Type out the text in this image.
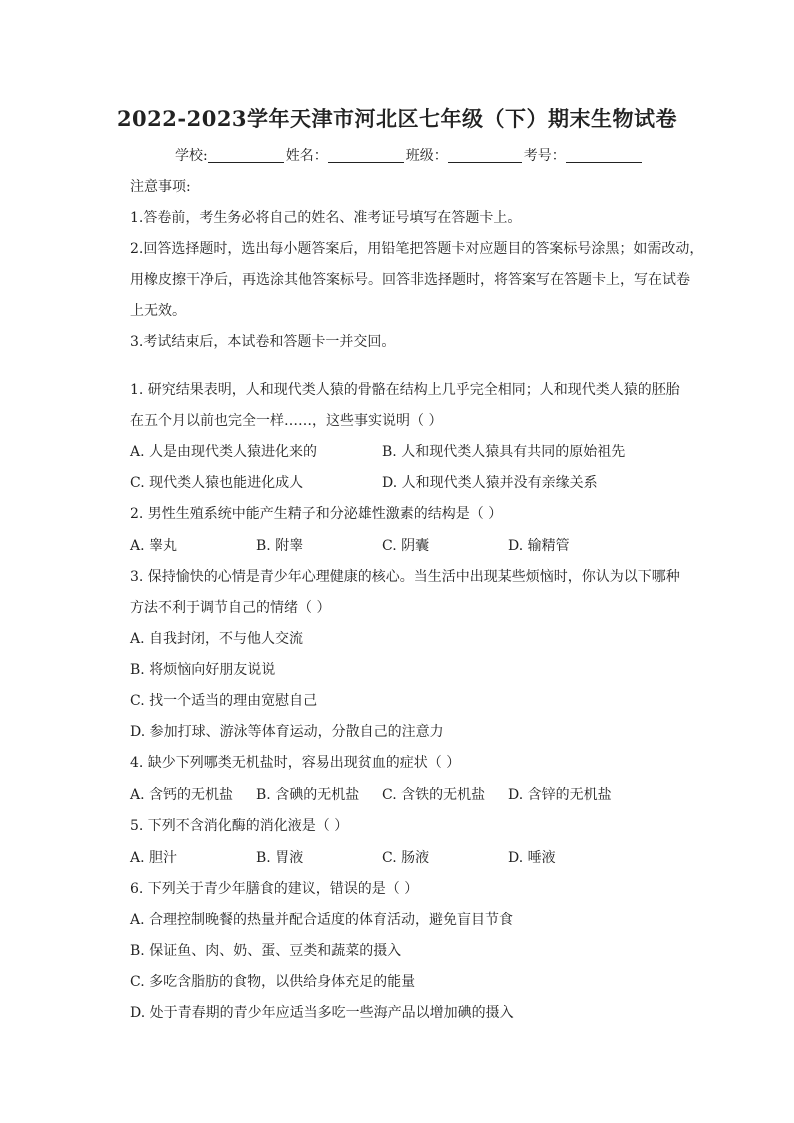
2022-2023学年天津市河北区七年级（下）期末生物试卷
学校:	姓名：	班级：	考号：
注意事项:
1.答卷前，考生务必将自己的姓名、准考证号填写在答题卡上。
2.回答选择题时，选出每小题答案后，用铅笔把答题卡对应题目的答案标号涂黑；如需改动，
用橡皮擦干净后，再选涂其他答案标号。回答非选择题时，将答案写在答题卡上，写在试卷
上无效。
3.考试结束后，本试卷和答题卡一并交回。
1. 研究结果表明，人和现代类人猿的骨骼在结构上几乎完全相同；人和现代类人猿的胚胎
在五个月以前也完全一样……，这些事实说明（ ）
A. 人是由现代类人猿进化来的	B. 人和现代类人猿具有共同的原始祖先
C. 现代类人猿也能进化成人	D. 人和现代类人猿并没有亲缘关系
2. 男性生殖系统中能产生精子和分泌雄性激素的结构是（ ）
A. 睾丸	B. 附睾	C. 阴囊	D. 输精管
3. 保持愉快的心情是青少年心理健康的核心。当生活中出现某些烦恼时，你认为以下哪种
方法不利于调节自己的情绪（ ）
A. 自我封闭，不与他人交流
B. 将烦恼向好朋友说说
C. 找一个适当的理由宽慰自己
D. 参加打球、游泳等体育运动，分散自己的注意力
4. 缺少下列哪类无机盐时，容易出现贫血的症状（ ）
A. 含钙的无机盐 B. 含碘的无机盐 C. 含铁的无机盐 D. 含锌的无机盐
5. 下列不含消化酶的消化液是（ ）
A. 胆汁	B. 胃液	C. 肠液	D. 唾液
6. 下列关于青少年膳食的建议，错误的是（ ）
A. 合理控制晚餐的热量并配合适度的体育活动，避免盲目节食
B. 保证鱼、肉、奶、蛋、豆类和蔬菜的摄入
C. 多吃含脂肪的食物，以供给身体充足的能量
D. 处于青春期的青少年应适当多吃一些海产品以增加碘的摄入
